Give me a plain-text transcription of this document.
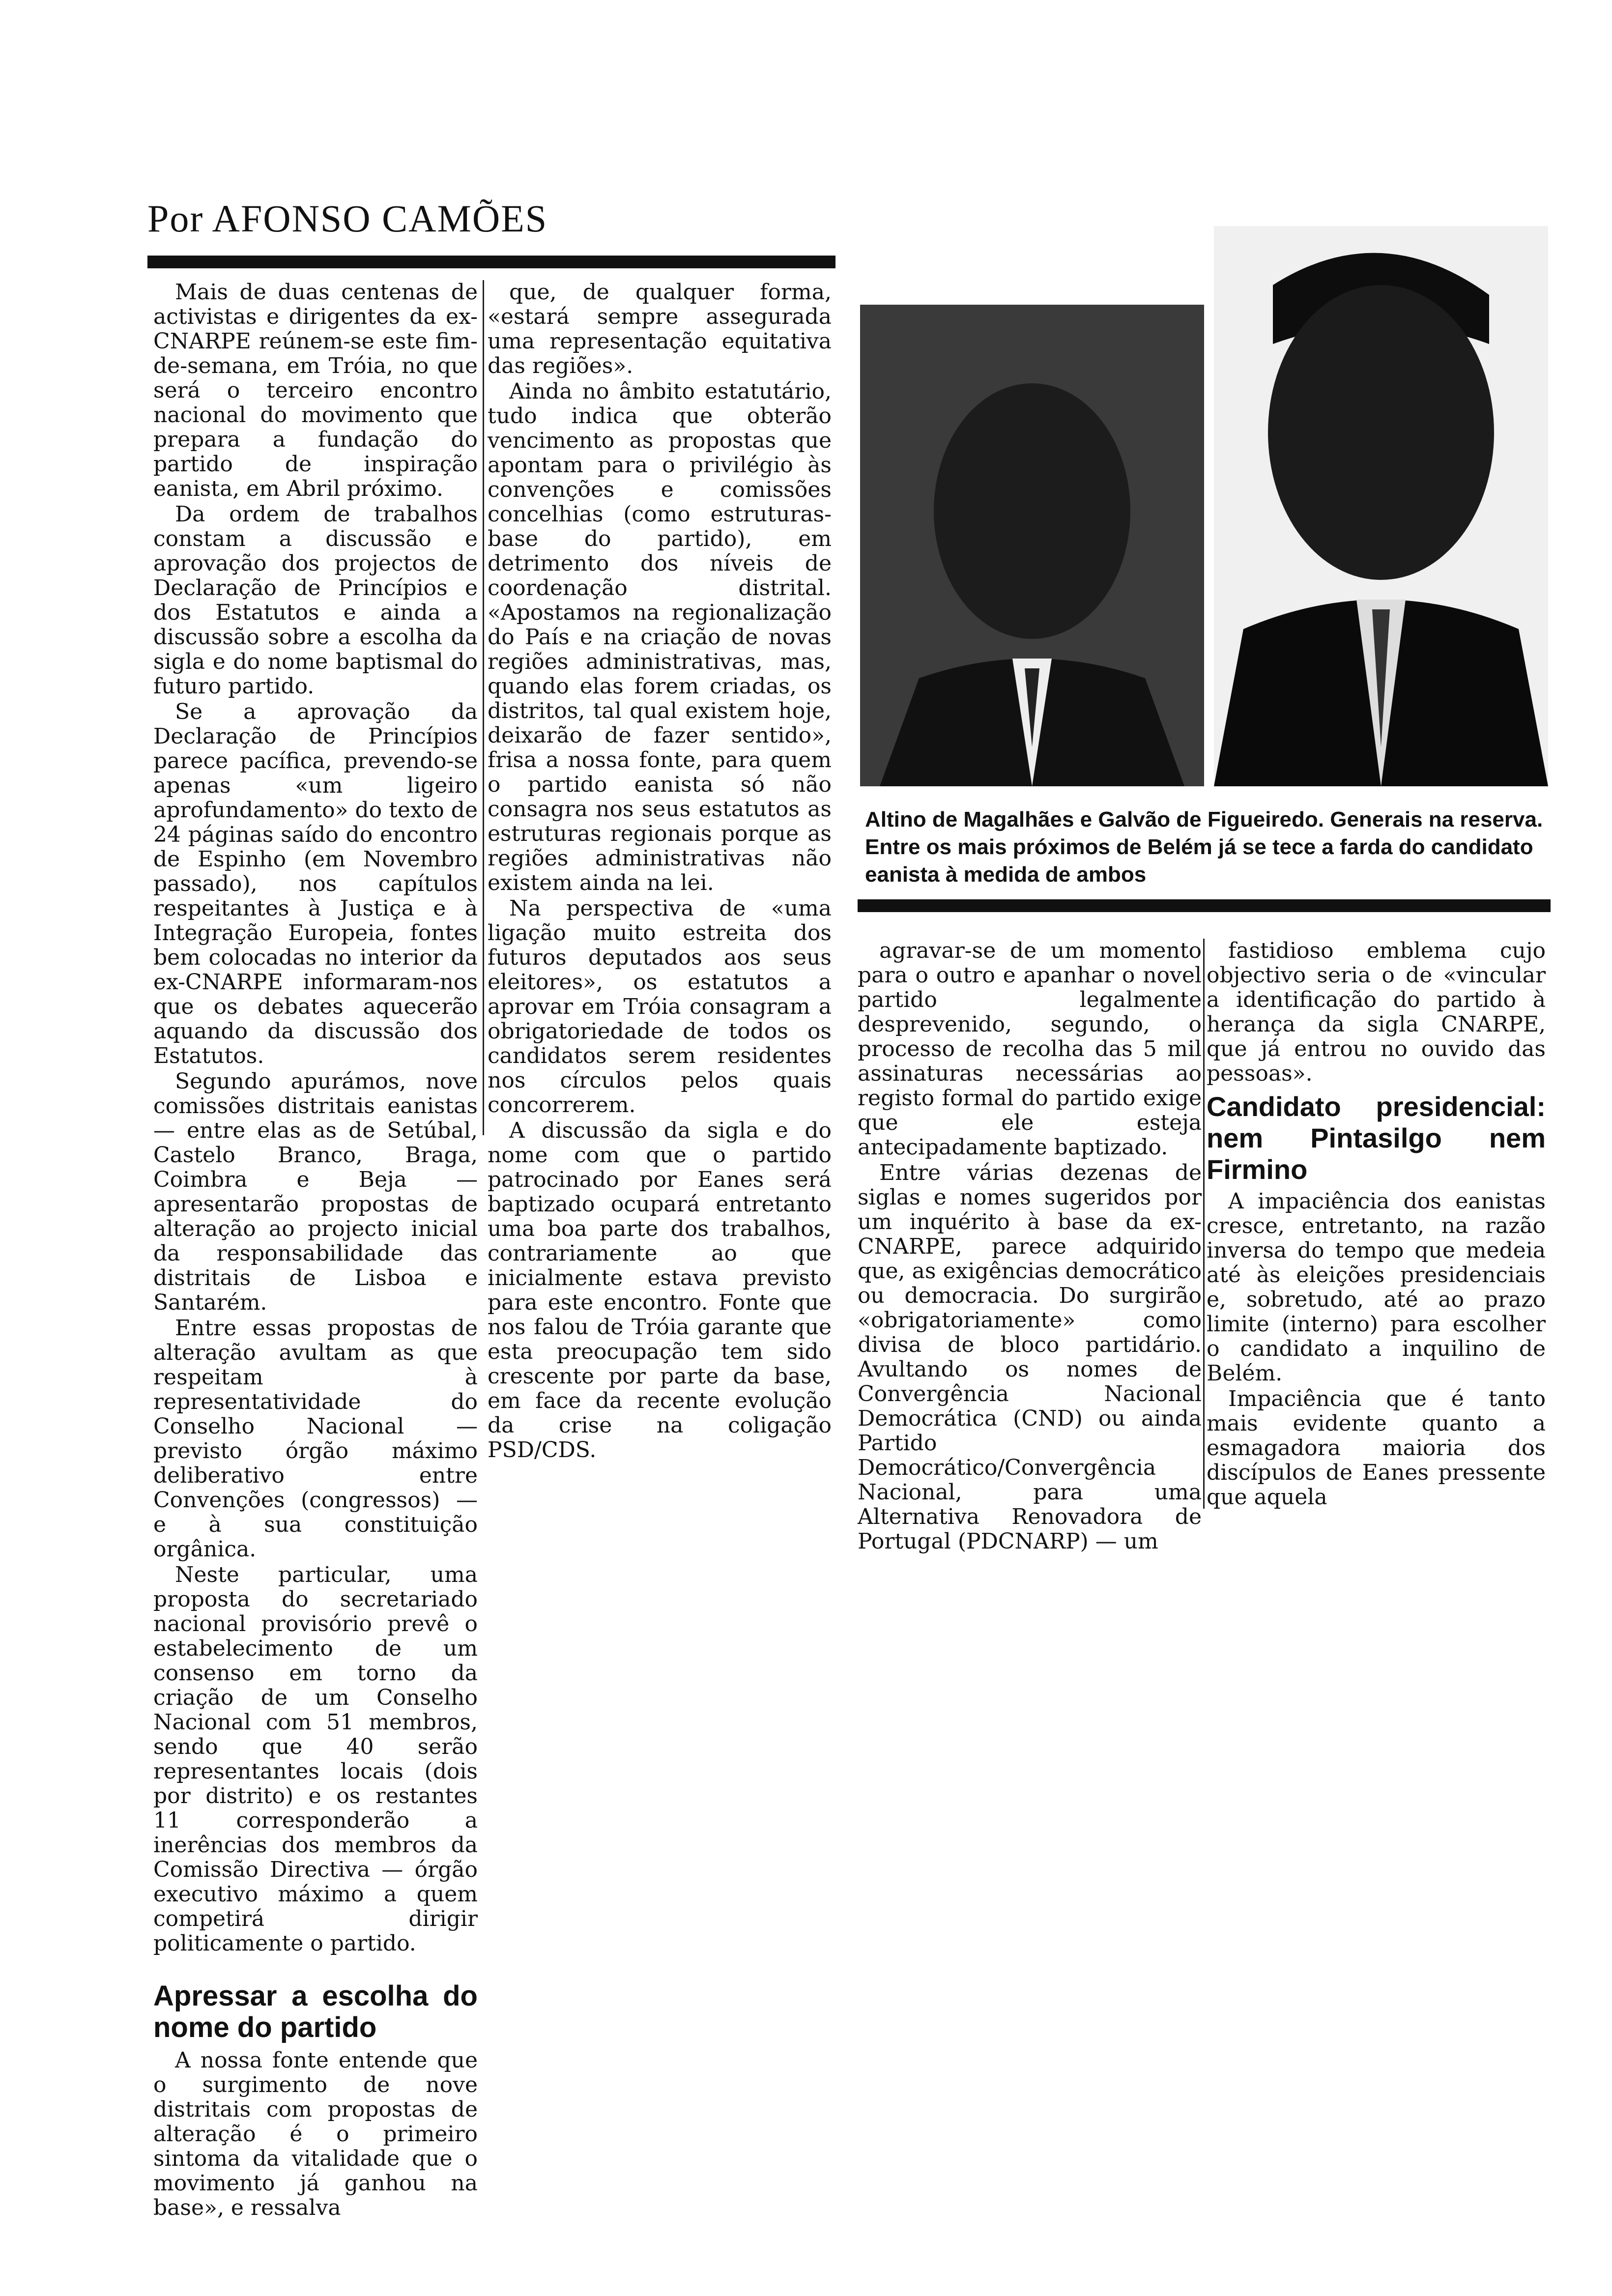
Por AFONSO CAMÕES

Mais de duas centenas de activistas e dirigentes da ex-CNARPE reúnem-se este fim-de-semana, em Tróia, no que será o terceiro encontro nacional do movimento que prepara a fundação do partido de inspiração eanista, em Abril próximo.

Da ordem de trabalhos constam a discussão e aprovação dos projectos de Declaração de Princípios e dos Estatutos e ainda a discussão sobre a escolha da sigla e do nome baptismal do futuro partido.

Se a aprovação da Declaração de Princípios parece pacífica, prevendo-se apenas «um ligeiro aprofundamento» do texto de 24 páginas saído do encontro de Espinho (em Novembro passado), nos capítulos respeitantes à Justiça e à Integração Europeia, fontes bem colocadas no interior da ex-CNARPE informaram-nos que os debates aquecerão aquando da discussão dos Estatutos.

Segundo apurámos, nove comissões distritais eanistas — entre elas as de Setúbal, Castelo Branco, Braga, Coimbra e Beja — apresentarão propostas de alteração ao projecto inicial da responsabilidade das distritais de Lisboa e Santarém.

Entre essas propostas de alteração avultam as que respeitam à representatividade do Conselho Nacional — previsto órgão máximo deliberativo entre Convenções (congressos) — e à sua constituição orgânica.

Neste particular, uma proposta do secretariado nacional provisório prevê o estabelecimento de um consenso em torno da criação de um Conselho Nacional com 51 membros, sendo que 40 serão representantes locais (dois por distrito) e os restantes 11 corresponderão a inerências dos membros da Comissão Directiva — órgão executivo máximo a quem competirá dirigir politicamente o partido.

Apressar a escolha do nome do partido

A nossa fonte entende que o surgimento de nove distritais com propostas de alteração é o primeiro sintoma da vitalidade que o movimento já ganhou na base», e ressalva

que, de qualquer forma, «estará sempre assegurada uma representação equitativa das regiões».

Ainda no âmbito estatutário, tudo indica que obterão vencimento as propostas que apontam para o privilégio às convenções e comissões concelhias (como estruturas-base do partido), em detrimento dos níveis de coordenação distrital. «Apostamos na regionalização do País e na criação de novas regiões administrativas, mas, quando elas forem criadas, os distritos, tal qual existem hoje, deixarão de fazer sentido», frisa a nossa fonte, para quem o partido eanista só não consagra nos seus estatutos as estruturas regionais porque as regiões administrativas não existem ainda na lei.

Na perspectiva de «uma ligação muito estreita dos futuros deputados aos seus eleitores», os estatutos a aprovar em Tróia consagram a obrigatoriedade de todos os candidatos serem residentes nos círculos pelos quais concorrerem.

A discussão da sigla e do nome com que o partido patrocinado por Eanes será baptizado ocupará entretanto uma boa parte dos trabalhos, contrariamente ao que inicialmente estava previsto para este encontro. Fonte que nos falou de Tróia garante que esta preocupação tem sido crescente por parte da base, em face da recente evolução da crise na coligação PSD/CDS.

Altino de Magalhães e Galvão de Figueiredo. Generais na reserva. Entre os mais próximos de Belém já se tece a farda do candidato eanista à medida de ambos

agravar-se de um momento para o outro e apanhar o novel partido legalmente desprevenido, segundo, o processo de recolha das 5 mil assinaturas necessárias ao registo formal do partido exige que ele esteja antecipadamente baptizado.

Entre várias dezenas de siglas e nomes sugeridos por um inquérito à base da ex-CNARPE, parece adquirido que, as exigências democrático ou democracia. Do surgirão «obrigatoriamente» como divisa de bloco partidário. Avultando os nomes de Convergência Nacional Democrática (CND) ou ainda Partido Democrático/Convergência Nacional, para uma Alternativa Renovadora de Portugal (PDCNARP) — um

fastidioso emblema cujo objectivo seria o de «vincular a identificação do partido à herança da sigla CNARPE, que já entrou no ouvido das pessoas».

Candidato presidencial: nem Pintasilgo nem Firmino

A impaciência dos eanistas cresce, entretanto, na razão inversa do tempo que medeia até às eleições presidenciais e, sobretudo, até ao prazo limite (interno) para escolher o candidato a inquilino de Belém.

Impaciência que é tanto mais evidente quanto a esmagadora maioria dos discípulos de Eanes pressente que aquela
